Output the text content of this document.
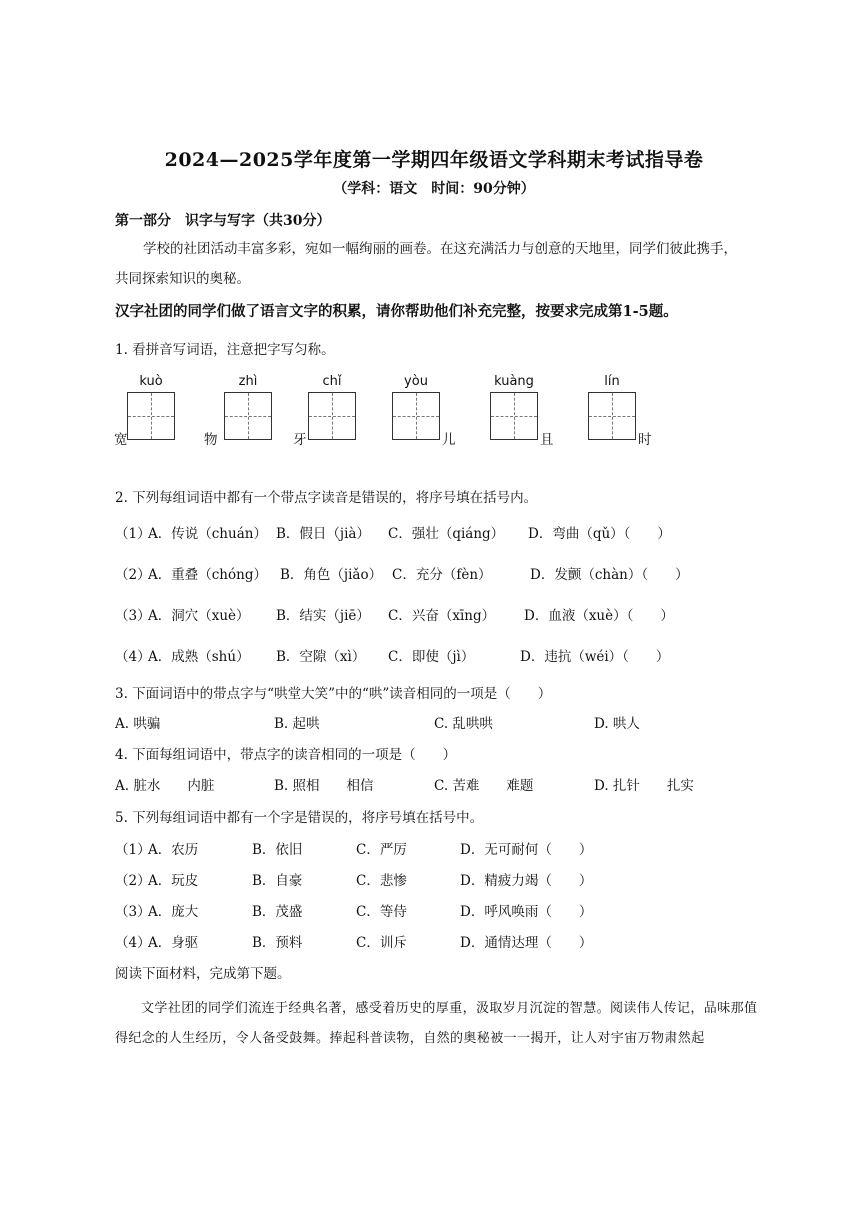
2024—2025学年度第一学期四年级语文学科期末考试指导卷
（学科：语文　时间：90分钟）
第一部分　识字与写字（共30分）
学校的社团活动丰富多彩，宛如一幅绚丽的画卷。在这充满活力与创意的天地里，同学们彼此携手，
共同探索知识的奥秘。
汉字社团的同学们做了语言文字的积累，请你帮助他们补充完整，按要求完成第1-5题。
1. 看拼音写词语，注意把字写匀称。
kuò
宽
zhì
物
chǐ
牙
yòu
儿
kuàng
且
lín
时
2. 下列每组词语中都有一个带点字读音是错误的，将序号填在括号内。
（1）
A．传说（chuán） B．假日（jià） C．强壮（qiáng） D．弯曲（qǔ）（　　）
（2）
A．重叠（chóng） B．角色（jiǎo） C．充分（fèn）	D．发颤（chàn）（　　）
（3）
A．洞穴（xuè） B．结实（jiē） C．兴奋（xīng） D．血液（xuè）（　　）
（4）
A．成熟（shú） B．空隙（xì） C．即使（jì）	D．违抗（wéi）（　　）
3. 下面词语中的带点字与“哄堂大笑”中的“哄”读音相同的一项是（　　）
A. 哄骗	B. 起哄	C. 乱哄哄	D. 哄人
4. 下面每组词语中，带点字的读音相同的一项是（　　）
A. 脏水　　内脏	B. 照相　　相信	C. 苦难　　难题	D. 扎针　　扎实
5. 下列每组词语中都有一个字是错误的，将序号填在括号中。
（1）
A．农历	B．依旧	C．严厉	D．无可耐何（　　）
（2）
A．玩皮	B．自豪	C．悲惨	D．精疲力竭（　　）
（3）
A．庞大	B．茂盛	C．等侍	D．呼风唤雨（　　）
（4）
A．身驱	B．预料	C．训斥	D．通情达理（　　）
阅读下面材料，完成第下题。
文学社团的同学们流连于经典名著，感受着历史的厚重，汲取岁月沉淀的智慧。阅读伟人传记，品味那值得纪念的人生经历，令人备受鼓舞。捧起科普读物，自然的奥秘被一一揭开，让人对宇宙万物肃然起
